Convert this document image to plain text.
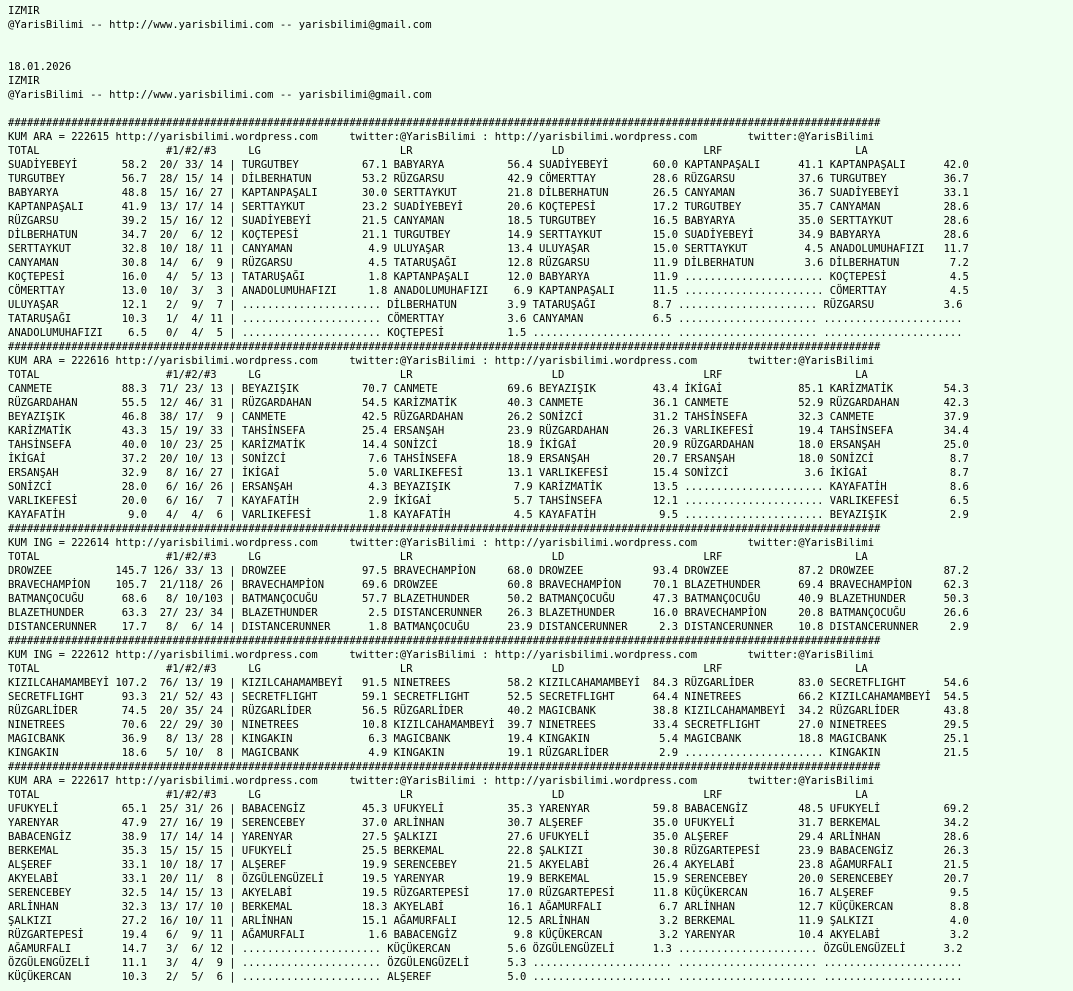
IZMIR
@YarisBilimi -- http://www.yarisbilimi.com -- yarisbilimi@gmail.com

18.01.2026
IZMIR
@YarisBilimi -- http://www.yarisbilimi.com -- yarisbilimi@gmail.com

##########################################################################################################################################
KUM ARA = 222615 http://yarisbilimi.wordpress.com     twitter:@YarisBilimi : http://yarisbilimi.wordpress.com        twitter:@YarisBilimi
TOTAL                    #1/#2/#3     LG                      LR                      LD                      LRF                     LA
SUADİYEBEYİ       58.2  20/ 33/ 14 | TURGUTBEY          67.1 BABYARYA          56.4 SUADİYEBEYİ       60.0 KAPTANPAŞALI      41.1 KAPTANPAŞALI      42.0
TURGUTBEY         56.7  28/ 15/ 14 | DİLBERHATUN        53.2 RÜZGARSU          42.9 CÖMERTTAY         28.6 RÜZGARSU          37.6 TURGUTBEY         36.7
BABYARYA          48.8  15/ 16/ 27 | KAPTANPAŞALI       30.0 SERTTAYKUT        21.8 DİLBERHATUN       26.5 CANYAMAN          36.7 SUADİYEBEYİ       33.1
KAPTANPAŞALI      41.9  13/ 17/ 14 | SERTTAYKUT         23.2 SUADİYEBEYİ       20.6 KOÇTEPESİ         17.2 TURGUTBEY         35.7 CANYAMAN          28.6
RÜZGARSU          39.2  15/ 16/ 12 | SUADİYEBEYİ        21.5 CANYAMAN          18.5 TURGUTBEY         16.5 BABYARYA          35.0 SERTTAYKUT        28.6
DİLBERHATUN       34.7  20/  6/ 12 | KOÇTEPESİ          21.1 TURGUTBEY         14.9 SERTTAYKUT        15.0 SUADİYEBEYİ       34.9 BABYARYA          28.6
SERTTAYKUT        32.8  10/ 18/ 11 | CANYAMAN            4.9 ULUYAŞAR          13.4 ULUYAŞAR          15.0 SERTTAYKUT         4.5 ANADOLUMUHAFIZI   11.7
CANYAMAN          30.8  14/  6/  9 | RÜZGARSU            4.5 TATARUŞAĞI        12.8 RÜZGARSU          11.9 DİLBERHATUN        3.6 DİLBERHATUN        7.2
KOÇTEPESİ         16.0   4/  5/ 13 | TATARUŞAĞI          1.8 KAPTANPAŞALI      12.0 BABYARYA          11.9 ...................... KOÇTEPESİ          4.5
CÖMERTTAY         13.0  10/  3/  3 | ANADOLUMUHAFIZI     1.8 ANADOLUMUHAFIZI    6.9 KAPTANPAŞALI      11.5 ...................... CÖMERTTAY          4.5
ULUYAŞAR          12.1   2/  9/  7 | ...................... DİLBERHATUN        3.9 TATARUŞAĞI         8.7 ...................... RÜZGARSU           3.6
TATARUŞAĞI        10.3   1/  4/ 11 | ...................... CÖMERTTAY          3.6 CANYAMAN           6.5 ...................... ......................
ANADOLUMUHAFIZI    6.5   0/  4/  5 | ...................... KOÇTEPESİ          1.5 ...................... ...................... ......................
##########################################################################################################################################
KUM ARA = 222616 http://yarisbilimi.wordpress.com     twitter:@YarisBilimi : http://yarisbilimi.wordpress.com        twitter:@YarisBilimi
TOTAL                    #1/#2/#3     LG                      LR                      LD                      LRF                     LA
CANMETE           88.3  71/ 23/ 13 | BEYAZIŞIK          70.7 CANMETE           69.6 BEYAZIŞIK         43.4 İKİGAİ            85.1 KARİZMATİK        54.3
RÜZGARDAHAN       55.5  12/ 46/ 31 | RÜZGARDAHAN        54.5 KARİZMATİK        40.3 CANMETE           36.1 CANMETE           52.9 RÜZGARDAHAN       42.3
BEYAZIŞIK         46.8  38/ 17/  9 | CANMETE            42.5 RÜZGARDAHAN       26.2 SONİZCİ           31.2 TAHSİNSEFA        32.3 CANMETE           37.9
KARİZMATİK        43.3  15/ 19/ 33 | TAHSİNSEFA         25.4 ERSANŞAH          23.9 RÜZGARDAHAN       26.3 VARLIKEFESİ       19.4 TAHSİNSEFA        34.4
TAHSİNSEFA        40.0  10/ 23/ 25 | KARİZMATİK         14.4 SONİZCİ           18.9 İKİGAİ            20.9 RÜZGARDAHAN       18.0 ERSANŞAH          25.0
İKİGAİ            37.2  20/ 10/ 13 | SONİZCİ             7.6 TAHSİNSEFA        18.9 ERSANŞAH          20.7 ERSANŞAH          18.0 SONİZCİ            8.7
ERSANŞAH          32.9   8/ 16/ 27 | İKİGAİ              5.0 VARLIKEFESİ       13.1 VARLIKEFESİ       15.4 SONİZCİ            3.6 İKİGAİ             8.7
SONİZCİ           28.0   6/ 16/ 26 | ERSANŞAH            4.3 BEYAZIŞIK          7.9 KARİZMATİK        13.5 ...................... KAYAFATİH          8.6
VARLIKEFESİ       20.0   6/ 16/  7 | KAYAFATİH           2.9 İKİGAİ             5.7 TAHSİNSEFA        12.1 ...................... VARLIKEFESİ        6.5
KAYAFATİH          9.0   4/  4/  6 | VARLIKEFESİ         1.8 KAYAFATİH          4.5 KAYAFATİH          9.5 ...................... BEYAZIŞIK          2.9
##########################################################################################################################################
KUM ING = 222614 http://yarisbilimi.wordpress.com     twitter:@YarisBilimi : http://yarisbilimi.wordpress.com        twitter:@YarisBilimi
TOTAL                    #1/#2/#3     LG                      LR                      LD                      LRF                     LA
DROWZEE          145.7 126/ 33/ 13 | DROWZEE            97.5 BRAVECHAMPİON     68.0 DROWZEE           93.4 DROWZEE           87.2 DROWZEE           87.2
BRAVECHAMPİON    105.7  21/118/ 26 | BRAVECHAMPİON      69.6 DROWZEE           60.8 BRAVECHAMPİON     70.1 BLAZETHUNDER      69.4 BRAVECHAMPİON     62.3
BATMANÇOCUĞU      68.6   8/ 10/103 | BATMANÇOCUĞU       57.7 BLAZETHUNDER      50.2 BATMANÇOCUĞU      47.3 BATMANÇOCUĞU      40.9 BLAZETHUNDER      50.3
BLAZETHUNDER      63.3  27/ 23/ 34 | BLAZETHUNDER        2.5 DISTANCERUNNER    26.3 BLAZETHUNDER      16.0 BRAVECHAMPİON     20.8 BATMANÇOCUĞU      26.6
DISTANCERUNNER    17.7   8/  6/ 14 | DISTANCERUNNER      1.8 BATMANÇOCUĞU      23.9 DISTANCERUNNER     2.3 DISTANCERUNNER    10.8 DISTANCERUNNER     2.9
##########################################################################################################################################
KUM ING = 222612 http://yarisbilimi.wordpress.com     twitter:@YarisBilimi : http://yarisbilimi.wordpress.com        twitter:@YarisBilimi
TOTAL                    #1/#2/#3     LG                      LR                      LD                      LRF                     LA
KIZILCAHAMAMBEYİ 107.2  76/ 13/ 19 | KIZILCAHAMAMBEYİ   91.5 NINETREES         58.2 KIZILCAHAMAMBEYİ  84.3 RÜZGARLİDER       83.0 SECRETFLIGHT      54.6
SECRETFLIGHT      93.3  21/ 52/ 43 | SECRETFLIGHT       59.1 SECRETFLIGHT      52.5 SECRETFLIGHT      64.4 NINETREES         66.2 KIZILCAHAMAMBEYİ  54.5
RÜZGARLİDER       74.5  20/ 35/ 24 | RÜZGARLİDER        56.5 RÜZGARLİDER       40.2 MAGICBANK         38.8 KIZILCAHAMAMBEYİ  34.2 RÜZGARLİDER       43.8
NINETREES         70.6  22/ 29/ 30 | NINETREES          10.8 KIZILCAHAMAMBEYİ  39.7 NINETREES         33.4 SECRETFLIGHT      27.0 NINETREES         29.5
MAGICBANK         36.9   8/ 13/ 28 | KINGAKIN            6.3 MAGICBANK         19.4 KINGAKIN           5.4 MAGICBANK         18.8 MAGICBANK         25.1
KINGAKIN          18.6   5/ 10/  8 | MAGICBANK           4.9 KINGAKIN          19.1 RÜZGARLİDER        2.9 ...................... KINGAKIN          21.5
##########################################################################################################################################
KUM ARA = 222617 http://yarisbilimi.wordpress.com     twitter:@YarisBilimi : http://yarisbilimi.wordpress.com        twitter:@YarisBilimi
TOTAL                    #1/#2/#3     LG                      LR                      LD                      LRF                     LA
UFUKYELİ          65.1  25/ 31/ 26 | BABACENGİZ         45.3 UFUKYELİ          35.3 YARENYAR          59.8 BABACENGİZ        48.5 UFUKYELİ          69.2
YARENYAR          47.9  27/ 16/ 19 | SERENCEBEY         37.0 ARLİNHAN          30.7 ALŞEREF           35.0 UFUKYELİ          31.7 BERKEMAL          34.2
BABACENGİZ        38.9  17/ 14/ 14 | YARENYAR           27.5 ŞALKIZI           27.6 UFUKYELİ          35.0 ALŞEREF           29.4 ARLİNHAN          28.6
BERKEMAL          35.3  15/ 15/ 15 | UFUKYELİ           25.5 BERKEMAL          22.8 ŞALKIZI           30.8 RÜZGARTEPESİ      23.9 BABACENGİZ        26.3
ALŞEREF           33.1  10/ 18/ 17 | ALŞEREF            19.9 SERENCEBEY        21.5 AKYELABİ          26.4 AKYELABİ          23.8 AĞAMURFALI        21.5
AKYELABİ          33.1  20/ 11/  8 | ÖZGÜLENGÜZELİ      19.5 YARENYAR          19.9 BERKEMAL          15.9 SERENCEBEY        20.0 SERENCEBEY        20.7
SERENCEBEY        32.5  14/ 15/ 13 | AKYELABİ           19.5 RÜZGARTEPESİ      17.0 RÜZGARTEPESİ      11.8 KÜÇÜKERCAN        16.7 ALŞEREF            9.5
ARLİNHAN          32.3  13/ 17/ 10 | BERKEMAL           18.3 AKYELABİ          16.1 AĞAMURFALI         6.7 ARLİNHAN          12.7 KÜÇÜKERCAN         8.8
ŞALKIZI           27.2  16/ 10/ 11 | ARLİNHAN           15.1 AĞAMURFALI        12.5 ARLİNHAN           3.2 BERKEMAL          11.9 ŞALKIZI            4.0
RÜZGARTEPESİ      19.4   6/  9/ 11 | AĞAMURFALI          1.6 BABACENGİZ         9.8 KÜÇÜKERCAN         3.2 YARENYAR          10.4 AKYELABİ           3.2
AĞAMURFALI        14.7   3/  6/ 12 | ...................... KÜÇÜKERCAN         5.6 ÖZGÜLENGÜZELİ      1.3 ...................... ÖZGÜLENGÜZELİ      3.2
ÖZGÜLENGÜZELİ     11.1   3/  4/  9 | ...................... ÖZGÜLENGÜZELİ      5.3 ...................... ...................... ......................
KÜÇÜKERCAN        10.3   2/  5/  6 | ...................... ALŞEREF            5.0 ...................... ...................... ......................
